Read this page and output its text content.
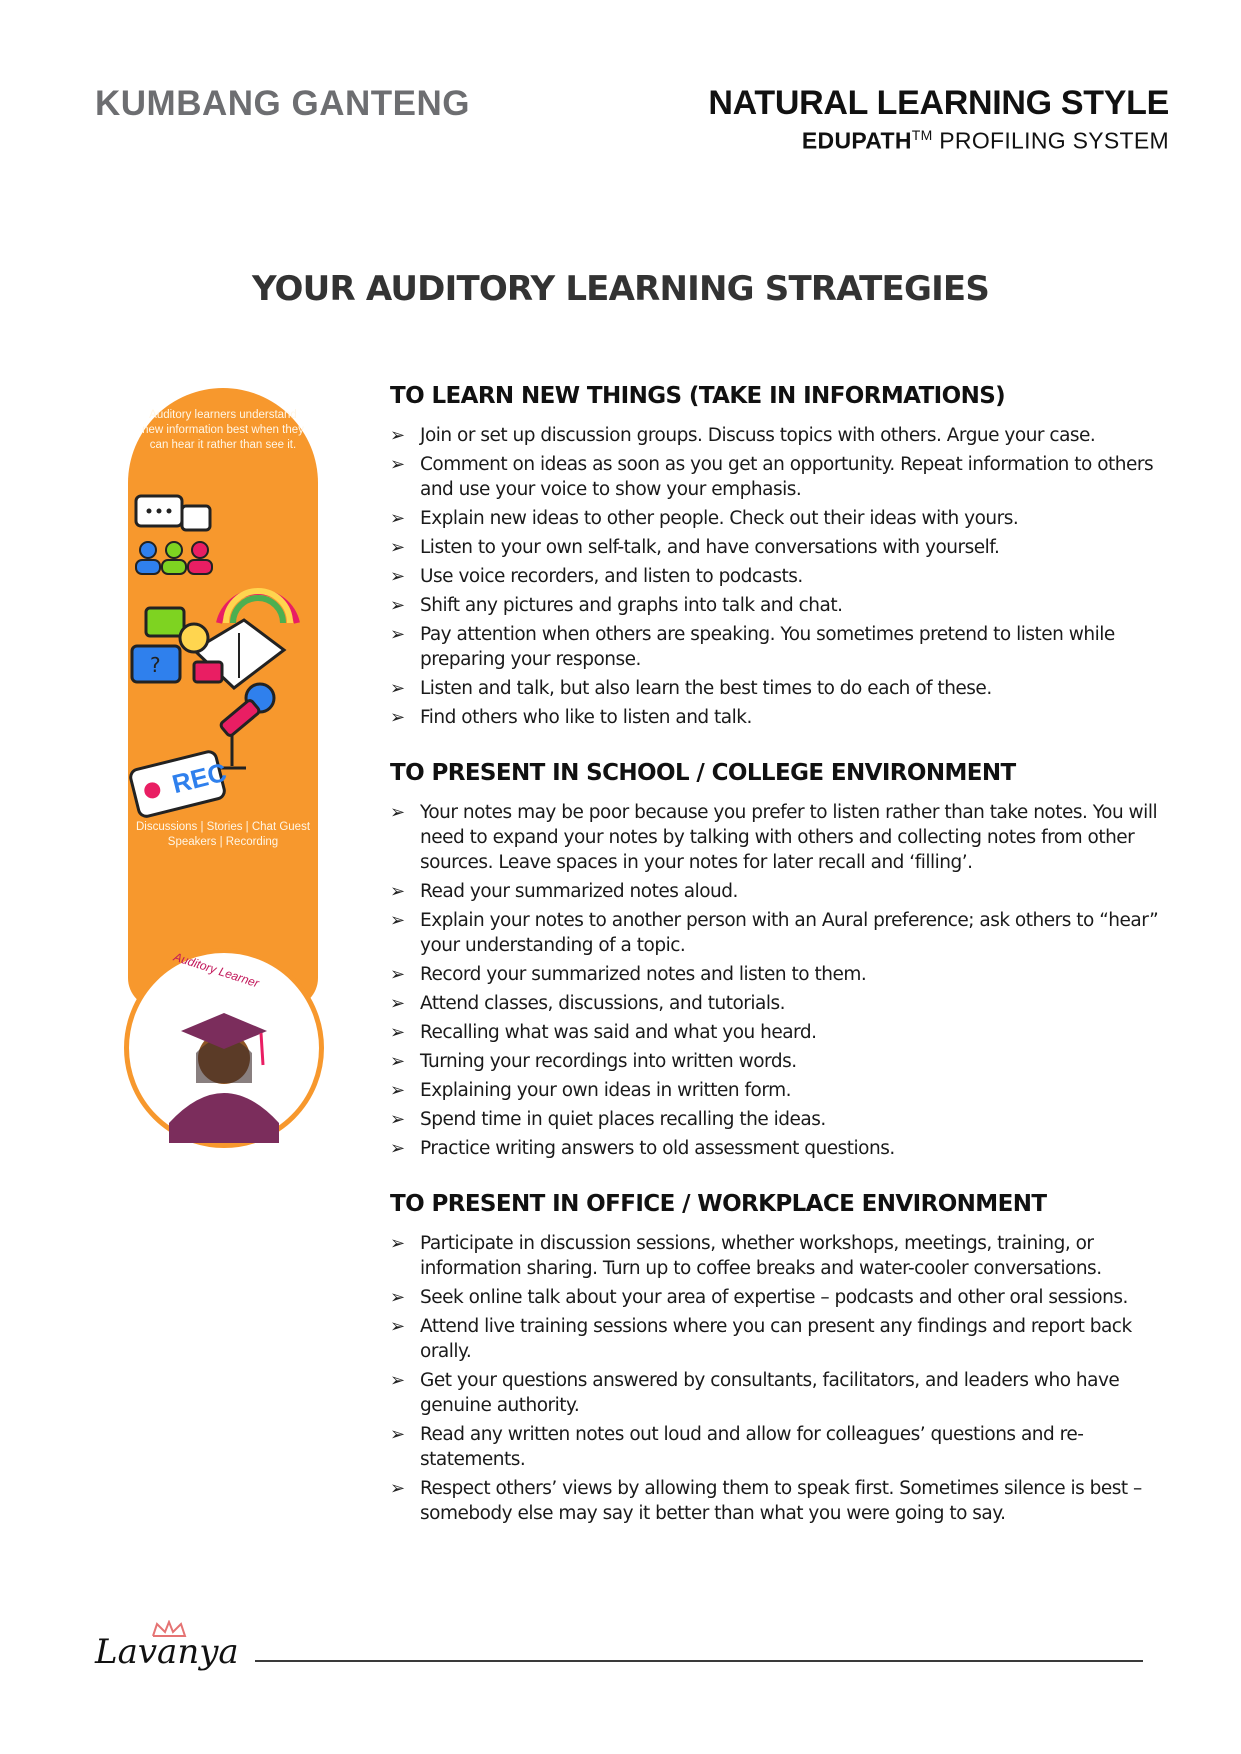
KUMBANG GANTENG	NATURAL LEARNING STYLE
EDUPATH™ PROFILING SYSTEM
YOUR AUDITORY LEARNING STRATEGIES
Auditory learners understand new information best when they can hear it rather than see it.
?
REC
Discussions | Stories | Chat Guest Speakers | Recording
Auditory Learner
TO LEARN NEW THINGS (TAKE IN INFORMATIONS)
➢ Join or set up discussion groups. Discuss topics with others. Argue your case.
➢ Comment on ideas as soon as you get an opportunity. Repeat information to others and use your voice to show your emphasis.
➢ Explain new ideas to other people. Check out their ideas with yours.
➢ Listen to your own self-talk, and have conversations with yourself.
➢ Use voice recorders, and listen to podcasts.
➢ Shift any pictures and graphs into talk and chat.
➢ Pay attention when others are speaking. You sometimes pretend to listen while preparing your response.
➢ Listen and talk, but also learn the best times to do each of these.
➢ Find others who like to listen and talk.
TO PRESENT IN SCHOOL / COLLEGE ENVIRONMENT
➢ Your notes may be poor because you prefer to listen rather than take notes. You will need to expand your notes by talking with others and collecting notes from other sources. Leave spaces in your notes for later recall and ‘filling’.
➢ Read your summarized notes aloud.
➢ Explain your notes to another person with an Aural preference; ask others to “hear” your understanding of a topic.
➢ Record your summarized notes and listen to them.
➢ Attend classes, discussions, and tutorials.
➢ Recalling what was said and what you heard.
➢ Turning your recordings into written words.
➢ Explaining your own ideas in written form.
➢ Spend time in quiet places recalling the ideas.
➢ Practice writing answers to old assessment questions.
TO PRESENT IN OFFICE / WORKPLACE ENVIRONMENT
➢ Participate in discussion sessions, whether workshops, meetings, training, or information sharing. Turn up to coffee breaks and water-cooler conversations.
➢ Seek online talk about your area of expertise – podcasts and other oral sessions.
➢ Attend live training sessions where you can present any findings and report back orally.
➢ Get your questions answered by consultants, facilitators, and leaders who have genuine authority.
➢ Read any written notes out loud and allow for colleagues’ questions and re-statements.
➢ Respect others’ views by allowing them to speak first. Sometimes silence is best – somebody else may say it better than what you were going to say.
Lavanya
